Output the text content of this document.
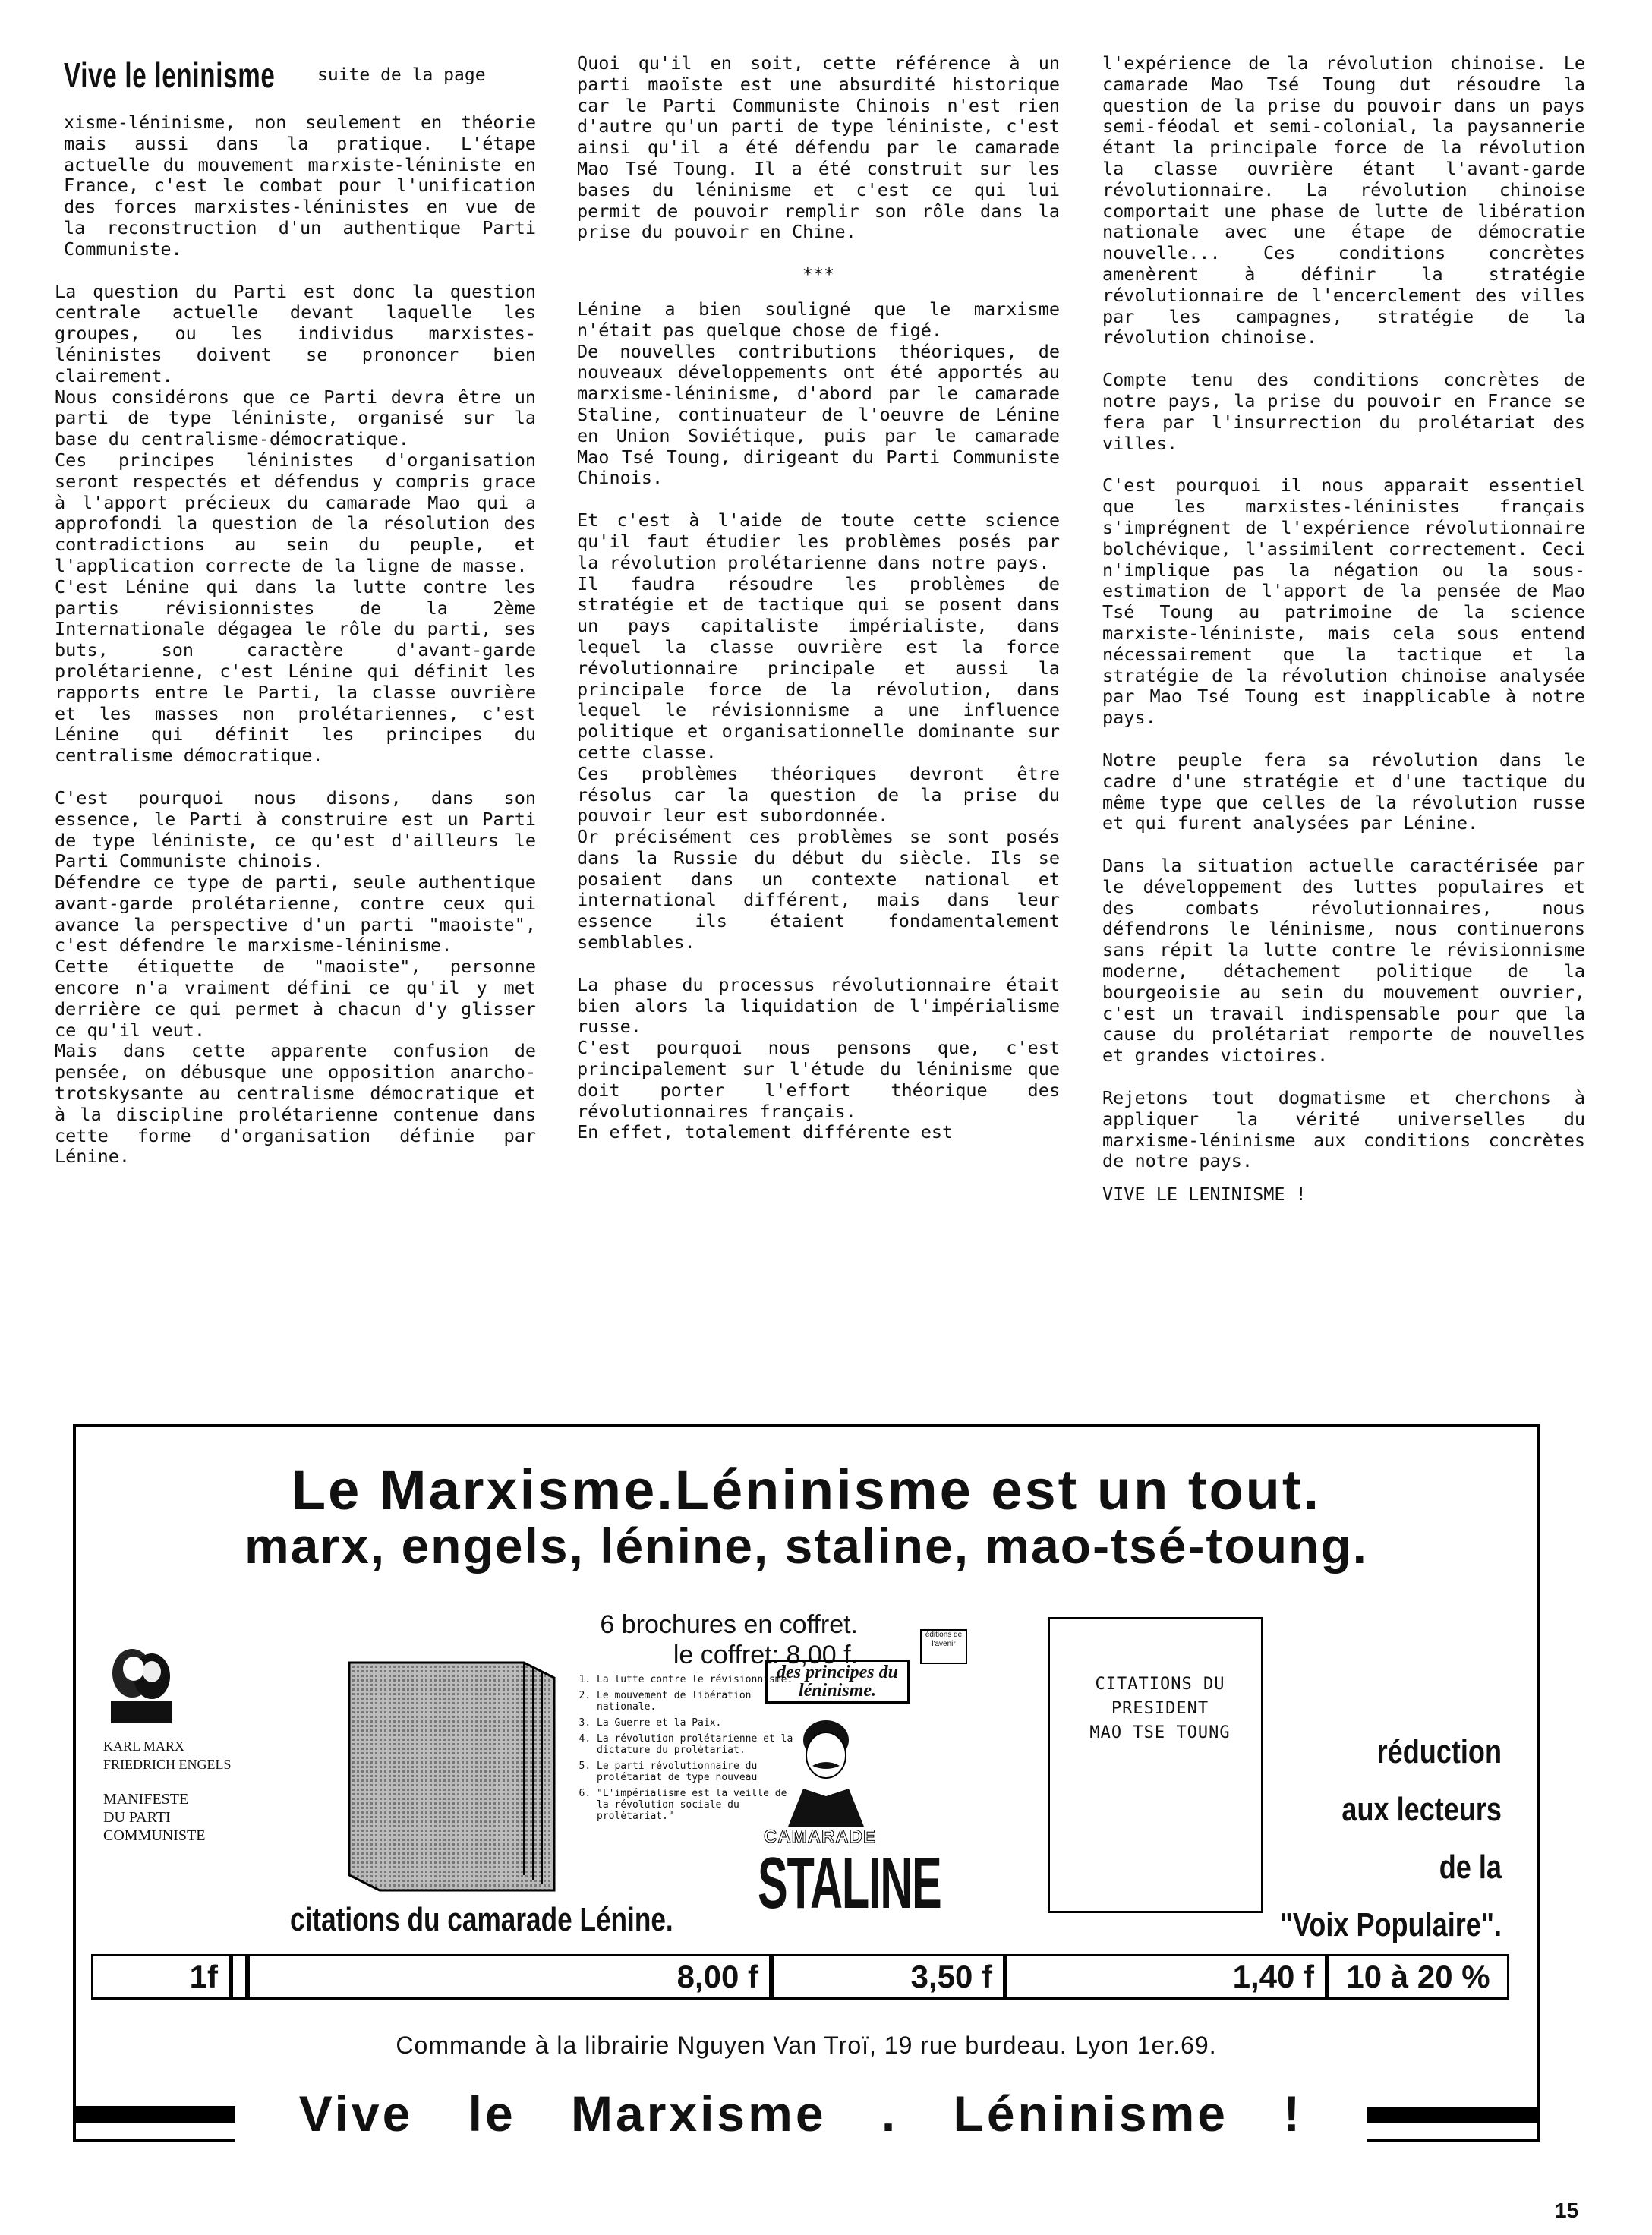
Vive le leninisme suite de la page

xisme-léninisme, non seulement en théorie mais aussi dans la pratique. L'étape actuelle du mouvement marxiste-léniniste en France, c'est le combat pour l'unification des forces marxistes-léninistes en vue de la reconstruction d'un authentique Parti Communiste.

La question du Parti est donc la question centrale actuelle devant laquelle les groupes, ou les individus marxistes-léninistes doivent se prononcer bien clairement.

Nous considérons que ce Parti devra être un parti de type léniniste, organisé sur la base du centralisme-démocratique.

Ces principes léninistes d'organisation seront respectés et défendus y compris grace à l'apport précieux du camarade Mao qui a approfondi la question de la résolution des contradictions au sein du peuple, et l'application correcte de la ligne de masse.

C'est Lénine qui dans la lutte contre les partis révisionnistes de la 2ème Internationale dégagea le rôle du parti, ses buts, son caractère d'avant-garde prolétarienne, c'est Lénine qui définit les rapports entre le Parti, la classe ouvrière et les masses non prolétariennes, c'est Lénine qui définit les principes du centralisme démocratique.

C'est pourquoi nous disons, dans son essence, le Parti à construire est un Parti de type léniniste, ce qu'est d'ailleurs le Parti Communiste chinois.

Défendre ce type de parti, seule authentique avant-garde prolétarienne, contre ceux qui avance la perspective d'un parti "maoiste", c'est défendre le marxisme-léninisme.

Cette étiquette de "maoiste", personne encore n'a vraiment défini ce qu'il y met derrière ce qui permet à chacun d'y glisser ce qu'il veut.

Mais dans cette apparente confusion de pensée, on débusque une opposition anarcho-trotskysante au centralisme démocratique et à la discipline prolétarienne contenue dans cette forme d'organisation définie par Lénine.

Quoi qu'il en soit, cette référence à un parti maoïste est une absurdité historique car le Parti Communiste Chinois n'est rien d'autre qu'un parti de type léniniste, c'est ainsi qu'il a été défendu par le camarade Mao Tsé Toung. Il a été construit sur les bases du léninisme et c'est ce qui lui permit de pouvoir remplir son rôle dans la prise du pouvoir en Chine.

***

Lénine a bien souligné que le marxisme n'était pas quelque chose de figé.

De nouvelles contributions théoriques, de nouveaux développements ont été apportés au marxisme-léninisme, d'abord par le camarade Staline, continuateur de l'oeuvre de Lénine en Union Soviétique, puis par le camarade Mao Tsé Toung, dirigeant du Parti Communiste Chinois.

Et c'est à l'aide de toute cette science qu'il faut étudier les problèmes posés par la révolution prolétarienne dans notre pays.

Il faudra résoudre les problèmes de stratégie et de tactique qui se posent dans un pays capitaliste impérialiste, dans lequel la classe ouvrière est la force révolutionnaire principale et aussi la principale force de la révolution, dans lequel le révisionnisme a une influence politique et organisationnelle dominante sur cette classe.

Ces problèmes théoriques devront être résolus car la question de la prise du pouvoir leur est subordonnée.

Or précisément ces problèmes se sont posés dans la Russie du début du siècle. Ils se posaient dans un contexte national et international différent, mais dans leur essence ils étaient fondamentalement semblables.

La phase du processus révolutionnaire était bien alors la liquidation de l'impérialisme russe.

C'est pourquoi nous pensons que, c'est principalement sur l'étude du léninisme que doit porter l'effort théorique des révolutionnaires français.

En effet, totalement différente est

l'expérience de la révolution chinoise. Le camarade Mao Tsé Toung dut résoudre la question de la prise du pouvoir dans un pays semi-féodal et semi-colonial, la paysannerie étant la principale force de la révolution la classe ouvrière étant l'avant-garde révolutionnaire. La révolution chinoise comportait une phase de lutte de libération nationale avec une étape de démocratie nouvelle... Ces conditions concrètes amenèrent à définir la stratégie révolutionnaire de l'encerclement des villes par les campagnes, stratégie de la révolution chinoise.

Compte tenu des conditions concrètes de notre pays, la prise du pouvoir en France se fera par l'insurrection du prolétariat des villes.

C'est pourquoi il nous apparait essentiel que les marxistes-léninistes français s'imprégnent de l'expérience révolutionnaire bolchévique, l'assimilent correctement. Ceci n'implique pas la négation ou la sous-estimation de l'apport de la pensée de Mao Tsé Toung au patrimoine de la science marxiste-léniniste, mais cela sous entend nécessairement que la tactique et la stratégie de la révolution chinoise analysée par Mao Tsé Toung est inapplicable à notre pays.

Notre peuple fera sa révolution dans le cadre d'une stratégie et d'une tactique du même type que celles de la révolution russe et qui furent analysées par Lénine.

Dans la situation actuelle caractérisée par le développement des luttes populaires et des combats révolutionnaires, nous défendrons le léninisme, nous continuerons sans répit la lutte contre le révisionnisme moderne, détachement politique de la bourgeoisie au sein du mouvement ouvrier, c'est un travail indispensable pour que la cause du prolétariat remporte de nouvelles et grandes victoires.

Rejetons tout dogmatisme et cherchons à appliquer la vérité universelles du marxisme-léninisme aux conditions concrètes de notre pays.

VIVE LE LENINISME !

Le Marxisme.Léninisme est un tout.
marx, engels, lénine, staline, mao-tsé-toung.
KARL MARX
FRIEDRICH ENGELS
MANIFESTE
DU PARTI
COMMUNISTE
6 brochures en coffret.
le coffret: 8,00 f.
1. La lutte contre le révisionnisme.
2. Le mouvement de libération nationale.
3. La Guerre et la Paix.
4. La révolution prolétarienne et la dictature du prolétariat.
5. Le parti révolutionnaire du prolétariat de type nouveau
6. "L'impérialisme est la veille de la révolution sociale du prolétariat."
citations du camarade Lénine.
éditions de l'avenir
des principes du léninisme.
CAMARADE
STALINE
CITATIONS DU
PRESIDENT
MAO TSE TOUNG
réduction
aux lecteurs
de la
"Voix Populaire".
1f	8,00 f	3,50 f	1,40 f	10 à 20 %
Commande à la librairie Nguyen Van Troï, 19 rue burdeau. Lyon 1er.69.
Vive le Marxisme . Léninisme !
15
